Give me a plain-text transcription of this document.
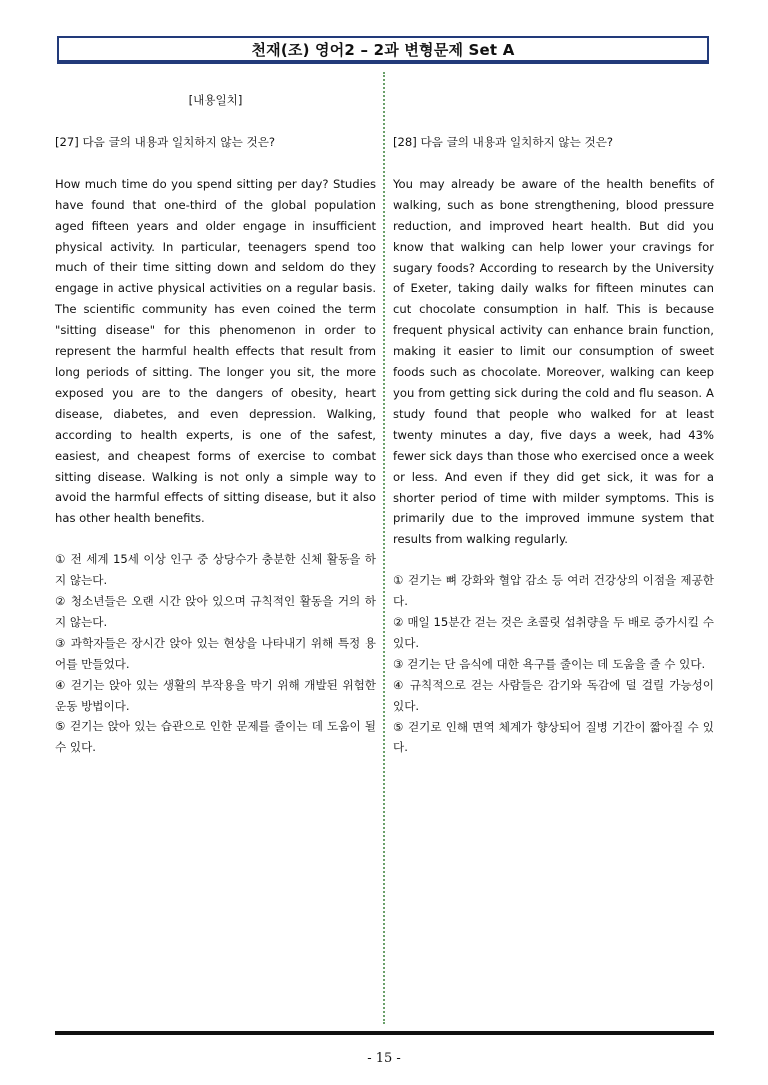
천재(조) 영어2 – 2과 변형문제 Set A

[내용일치]

[27] 다음 글의 내용과 일치하지 않는 것은?

How much time do you spend sitting per day? Studies have found that one-third of the global population aged fifteen years and older engage in insufficient physical activity. In particular, teenagers spend too much of their time sitting down and seldom do they engage in active physical activities on a regular basis. The scientific community has even coined the term "sitting disease" for this phenomenon in order to represent the harmful health effects that result from long periods of sitting. The longer you sit, the more exposed you are to the dangers of obesity, heart disease, diabetes, and even depression. Walking, according to health experts, is one of the safest, easiest, and cheapest forms of exercise to combat sitting disease. Walking is not only a simple way to avoid the harmful effects of sitting disease, but it also has other health benefits.

① 전 세계 15세 이상 인구 중 상당수가 충분한 신체 활동을 하지 않는다.
② 청소년들은 오랜 시간 앉아 있으며 규칙적인 활동을 거의 하지 않는다.
③ 과학자들은 장시간 앉아 있는 현상을 나타내기 위해 특정 용어를 만들었다.
④ 걷기는 앉아 있는 생활의 부작용을 막기 위해 개발된 위험한 운동 방법이다.
⑤ 걷기는 앉아 있는 습관으로 인한 문제를 줄이는 데 도움이 될 수 있다.

[28] 다음 글의 내용과 일치하지 않는 것은?

You may already be aware of the health benefits of walking, such as bone strengthening, blood pressure reduction, and improved heart health. But did you know that walking can help lower your cravings for sugary foods? According to research by the University of Exeter, taking daily walks for fifteen minutes can cut chocolate consumption in half. This is because frequent physical activity can enhance brain function, making it easier to limit our consumption of sweet foods such as chocolate. Moreover, walking can keep you from getting sick during the cold and flu season. A study found that people who walked for at least twenty minutes a day, five days a week, had 43% fewer sick days than those who exercised once a week or less. And even if they did get sick, it was for a shorter period of time with milder symptoms. This is primarily due to the improved immune system that results from walking regularly.

① 걷기는 뼈 강화와 혈압 감소 등 여러 건강상의 이점을 제공한다.
② 매일 15분간 걷는 것은 초콜릿 섭취량을 두 배로 증가시킬 수 있다.
③ 걷기는 단 음식에 대한 욕구를 줄이는 데 도움을 줄 수 있다.
④ 규칙적으로 걷는 사람들은 감기와 독감에 덜 걸릴 가능성이 있다.
⑤ 걷기로 인해 면역 체계가 향상되어 질병 기간이 짧아질 수 있다.
- 15 -
